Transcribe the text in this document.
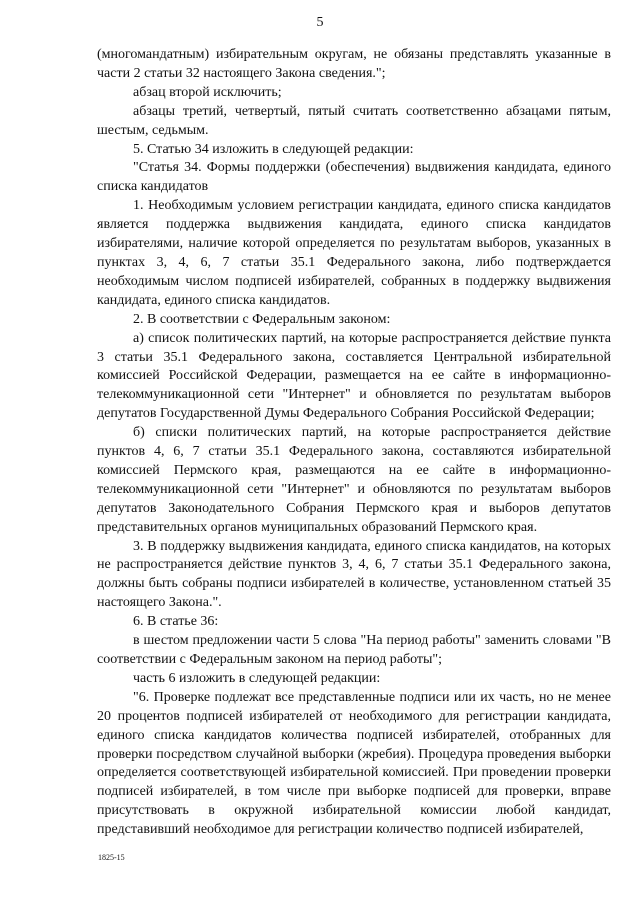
5

(многомандатным) избирательным округам, не обязаны представлять указанные в части 2 статьи 32 настоящего Закона сведения.";

абзац второй исключить;

абзацы третий, четвертый, пятый считать соответственно абзацами пятым, шестым, седьмым.

5. Статью 34 изложить в следующей редакции:

"Статья 34. Формы поддержки (обеспечения) выдвижения кандидата, единого списка кандидатов

1. Необходимым условием регистрации кандидата, единого списка кандидатов является поддержка выдвижения кандидата, единого списка кандидатов избирателями, наличие которой определяется по результатам выборов, указанных в пунктах 3, 4, 6, 7 статьи 35.1 Федерального закона, либо подтверждается необходимым числом подписей избирателей, собранных в поддержку выдвижения кандидата, единого списка кандидатов.

2. В соответствии с Федеральным законом:

а) список политических партий, на которые распространяется действие пункта 3 статьи 35.1 Федерального закона, составляется Центральной избирательной комиссией Российской Федерации, размещается на ее сайте в информационно-телекоммуникационной сети "Интернет" и обновляется по результатам выборов депутатов Государственной Думы Федерального Собрания Российской Федерации;

б) списки политических партий, на которые распространяется действие пунктов 4, 6, 7 статьи 35.1 Федерального закона, составляются избирательной комиссией Пермского края, размещаются на ее сайте в информационно-телекоммуникационной сети "Интернет" и обновляются по результатам выборов депутатов Законодательного Собрания Пермского края и выборов депутатов представительных органов муниципальных образований Пермского края.

3. В поддержку выдвижения кандидата, единого списка кандидатов, на которых не распространяется действие пунктов 3, 4, 6, 7 статьи 35.1 Федерального закона, должны быть собраны подписи избирателей в количестве, установленном статьей 35 настоящего Закона.".

6. В статье 36:

в шестом предложении части 5 слова "На период работы" заменить словами "В соответствии с Федеральным законом на период работы";

часть 6 изложить в следующей редакции:

"6. Проверке подлежат все представленные подписи или их часть, но не менее 20 процентов подписей избирателей от необходимого для регистрации кандидата, единого списка кандидатов количества подписей избирателей, отобранных для проверки посредством случайной выборки (жребия). Процедура проведения выборки определяется соответствующей избирательной комиссией. При проведении проверки подписей избирателей, в том числе при выборке подписей для проверки, вправе присутствовать в окружной избирательной комиссии любой кандидат, представивший необходимое для регистрации количество подписей избирателей,

1825-15
